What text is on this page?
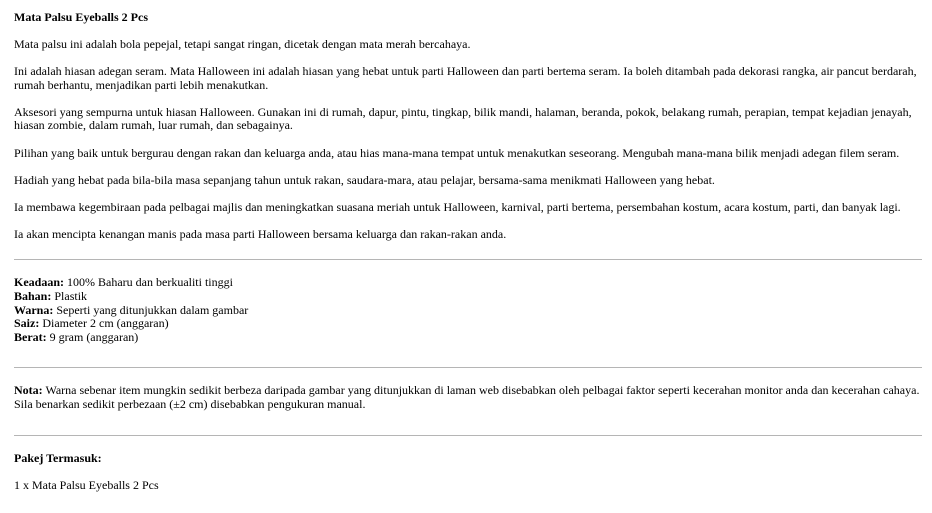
Mata Palsu Eyeballs 2 Pcs

Mata palsu ini adalah bola pepejal, tetapi sangat ringan, dicetak dengan mata merah bercahaya.

Ini adalah hiasan adegan seram. Mata Halloween ini adalah hiasan yang hebat untuk parti Halloween dan parti bertema seram. Ia boleh ditambah pada dekorasi rangka, air pancut berdarah, rumah berhantu, menjadikan parti lebih menakutkan.

Aksesori yang sempurna untuk hiasan Halloween. Gunakan ini di rumah, dapur, pintu, tingkap, bilik mandi, halaman, beranda, pokok, belakang rumah, perapian, tempat kejadian jenayah, hiasan zombie, dalam rumah, luar rumah, dan sebagainya.

Pilihan yang baik untuk bergurau dengan rakan dan keluarga anda, atau hias mana-mana tempat untuk menakutkan seseorang. Mengubah mana-mana bilik menjadi adegan filem seram.

Hadiah yang hebat pada bila-bila masa sepanjang tahun untuk rakan, saudara-mara, atau pelajar, bersama-sama menikmati Halloween yang hebat.

Ia membawa kegembiraan pada pelbagai majlis dan meningkatkan suasana meriah untuk Halloween, karnival, parti bertema, persembahan kostum, acara kostum, parti, dan banyak lagi.

Ia akan mencipta kenangan manis pada masa parti Halloween bersama keluarga dan rakan-rakan anda.

Keadaan: 100% Baharu dan berkualiti tinggi
Bahan: Plastik
Warna: Seperti yang ditunjukkan dalam gambar
Saiz: Diameter 2 cm (anggaran)
Berat: 9 gram (anggaran)

Nota: Warna sebenar item mungkin sedikit berbeza daripada gambar yang ditunjukkan di laman web disebabkan oleh pelbagai faktor seperti kecerahan monitor anda dan kecerahan cahaya. Sila benarkan sedikit perbezaan (±2 cm) disebabkan pengukuran manual.

Pakej Termasuk:

1 x Mata Palsu Eyeballs 2 Pcs
